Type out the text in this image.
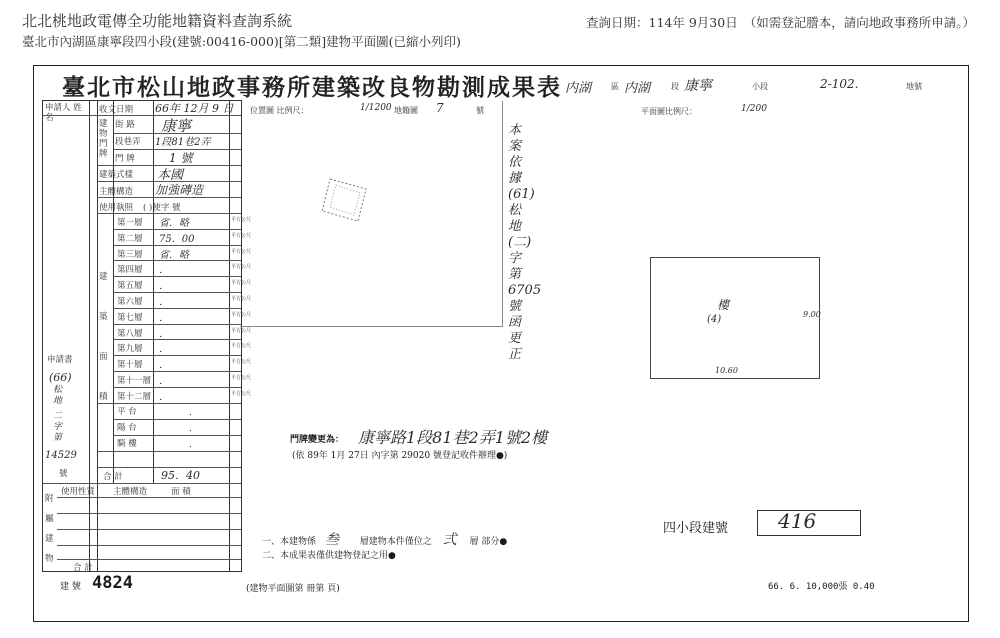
北北桃地政電傳全功能地籍資料查詢系統
臺北市內湖區康寧段四小段(建號:00416-000)[第二類]建物平面圖(已縮小列印)
查詢日期：114年 9月30日 （如需登記謄本，請向地政事務所申請。）
臺北市松山地政事務所建築改良物勘測成果表 内湖 區 内湖	段 康寧	小段	2-102.	地號
申請人 姓 名
收文日期 66年 12月 9 日
建物門牌
街 路 康寧
段巷弄 1段81巷2弄
門 牌	1 號
建築式樣 本國
主體構造 加強磚造
使用執照 ( )使字 號
建 築 面 積
第一層 省．略	平方公尺
第二層 75．00	平方公尺
第三層 省．略	平方公尺
第四層 ．	平方公尺
第五層 ．	平方公尺
第六層 ．	平方公尺
第七層 ．	平方公尺
第八層 ．	平方公尺
第九層 ．	平方公尺
第十層 ．	平方公尺
第十一層 ．	平方公尺
第十二層 ．	平方公尺
平 台	．
陽 台	．
騎 樓	．
合 計	95．40
申請書
(66)
松地
二字第
14529
號
附屬建物
使用性質 主體構造	面 積
合 計
位置圖 比例尺：	1/1200 地籍圖 7	號	平面圖比例尺：	1/200
本案依據(61)松地(二)字第6705號函更正
樓
10.60
9.00
(4)
門牌變更為： 康寧路1段81巷2弄1號2樓
(依 89年 1月 27日 內字第 29020 號登記收件辦理●)
一、本建物係 叁 層建物本件僅位之 弍 層 部分●
二、本成果表僅供建物登記之用●
四小段建號 416
建 號 4824	(建物平面圖第 冊第 頁)	66. 6. 10,000張 0.40
